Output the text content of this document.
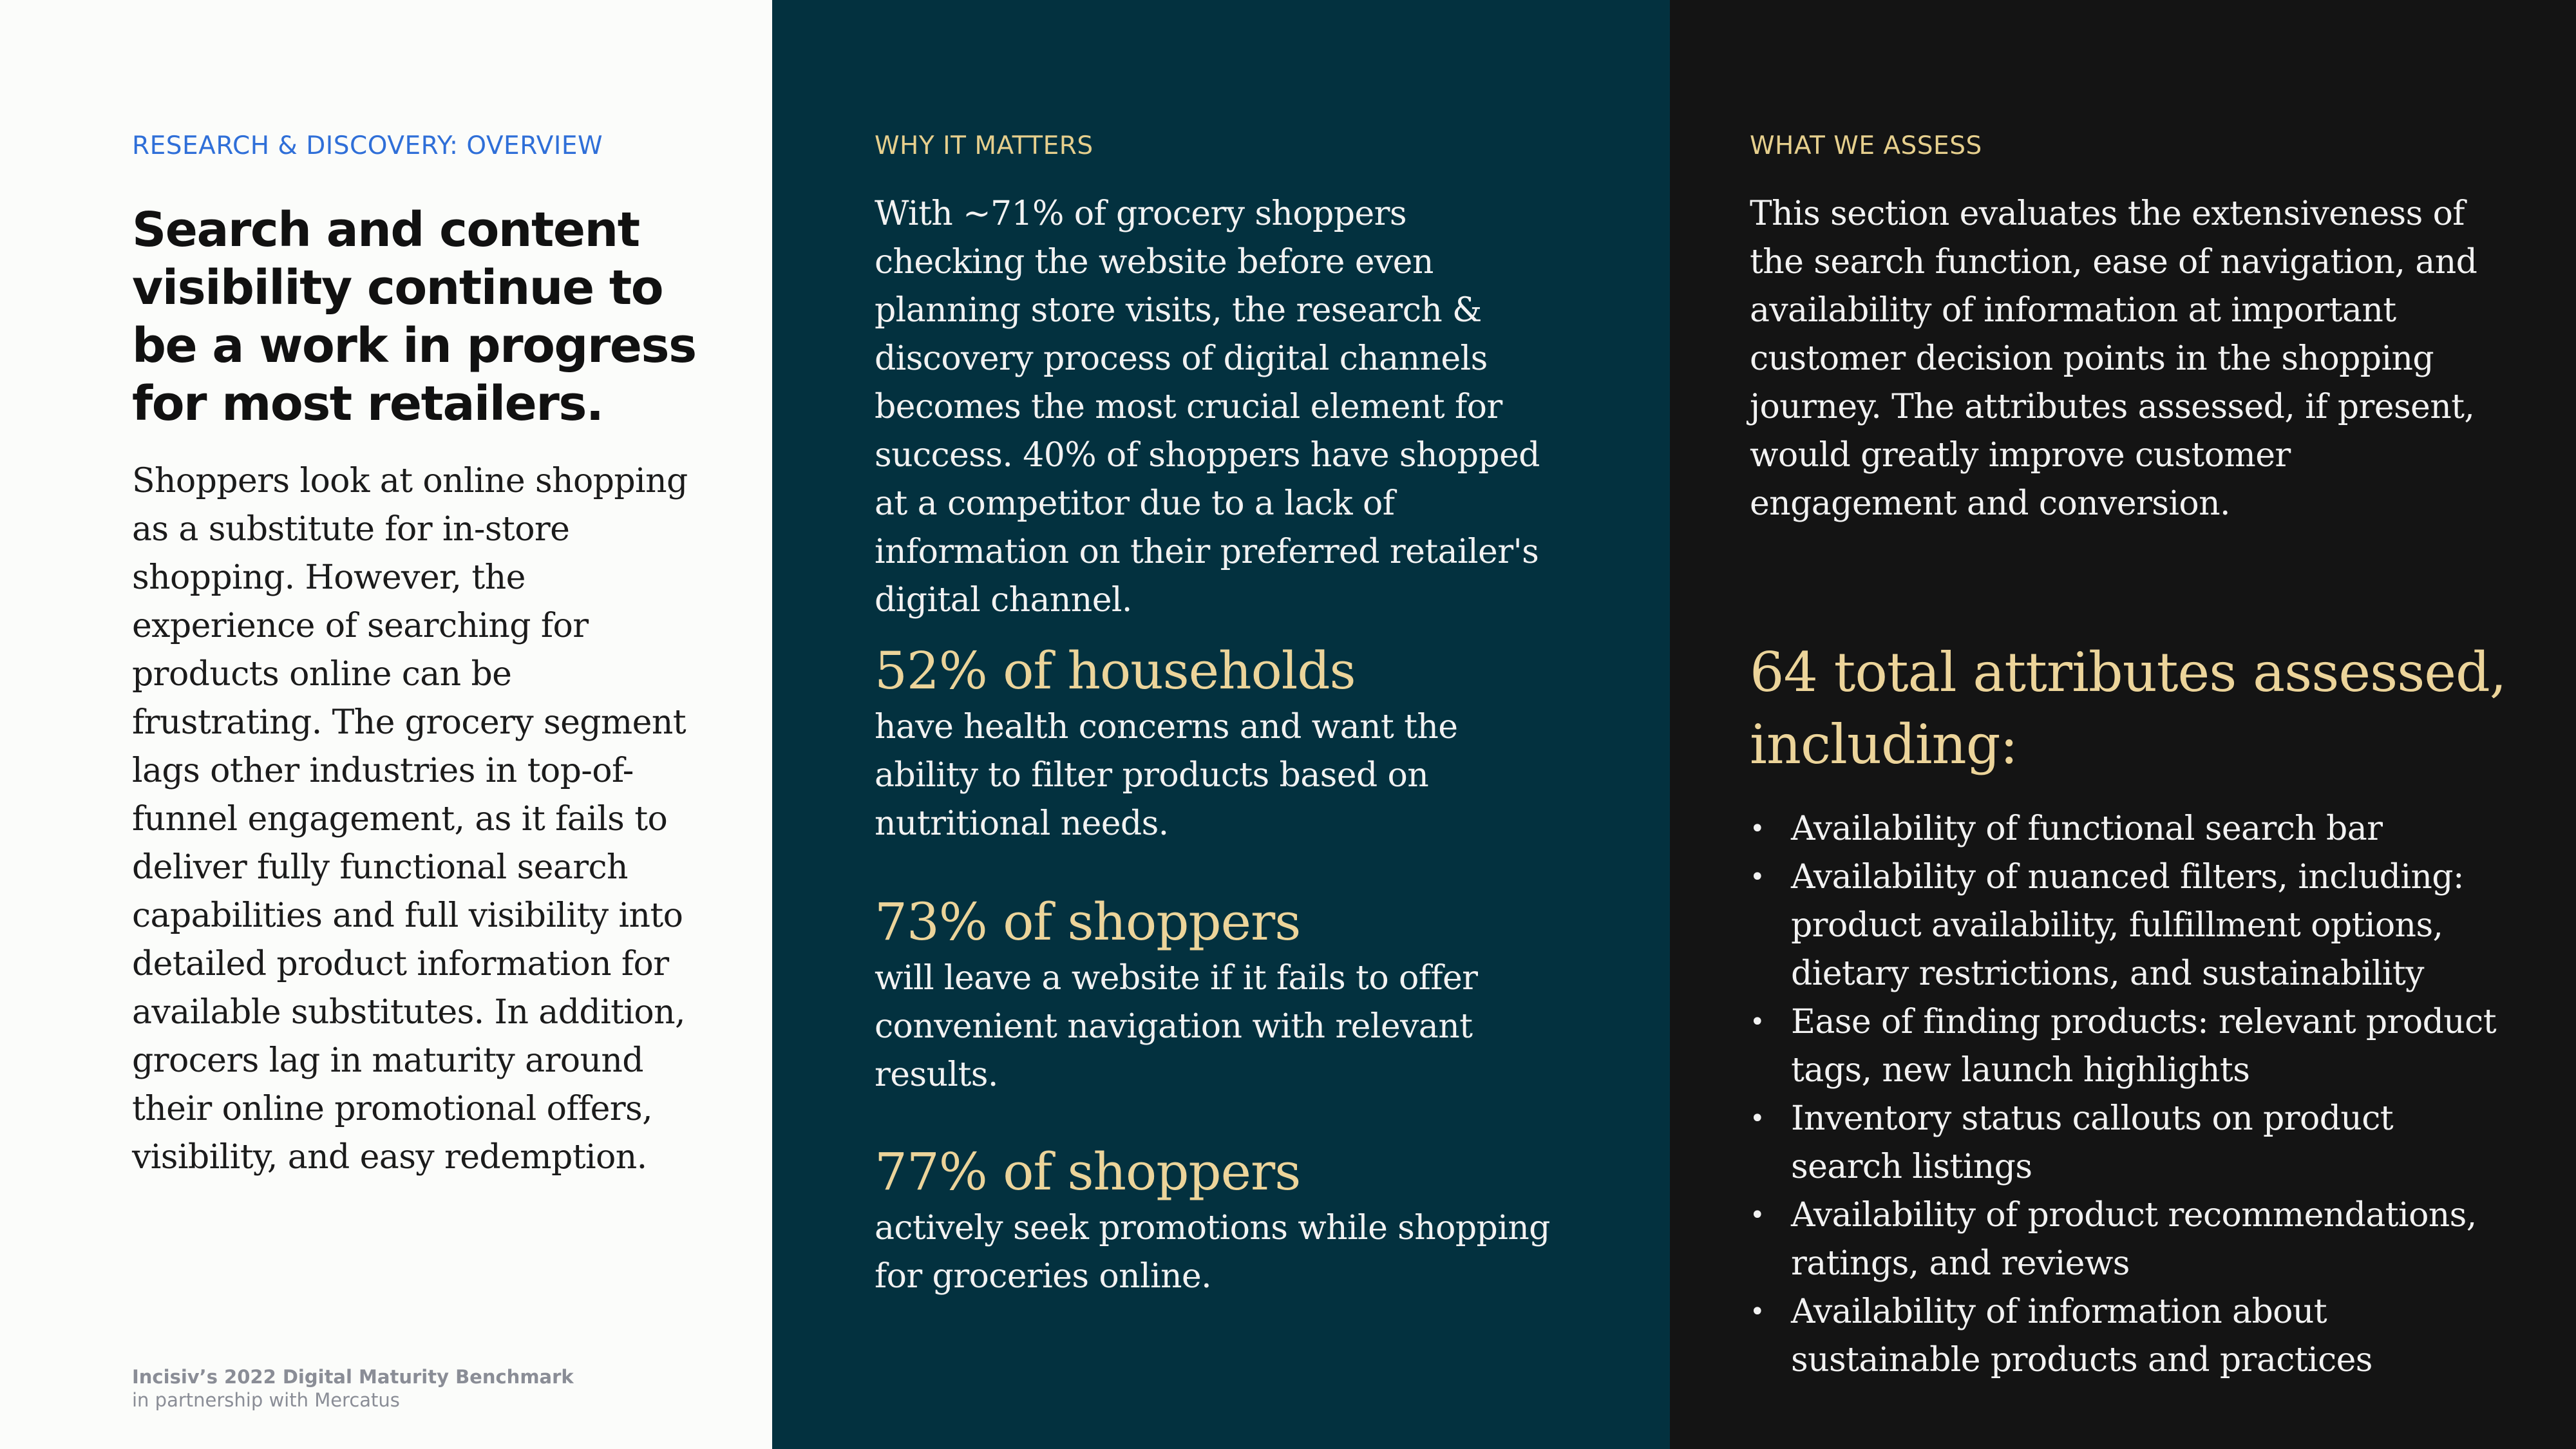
RESEARCH & DISCOVERY: OVERVIEW
Search and content visibility continue to be a work in progress for most retailers.

Shoppers look at online shopping as a substitute for in-store shopping. However, the experience of searching for products online can be frustrating. The grocery segment lags other industries in top-of-funnel engagement, as it fails to deliver fully functional search capabilities and full visibility into detailed product information for available substitutes. In addition, grocers lag in maturity around their online promotional offers, visibility, and easy redemption.

Incisiv’s 2022 Digital Maturity Benchmark
in partnership with Mercatus
WHY IT MATTERS

With ~71% of grocery shoppers checking the website before even planning store visits, the research & discovery process of digital channels becomes the most crucial element for success. 40% of shoppers have shopped at a competitor due to a lack of information on their preferred retailer's digital channel.

52% of households
have health concerns and want the ability to filter products based on nutritional needs.
73% of shoppers
will leave a website if it fails to offer convenient navigation with relevant results.
77% of shoppers
actively seek promotions while shopping for groceries online.
WHAT WE ASSESS

This section evaluates the extensiveness of the search function, ease of navigation, and availability of information at important customer decision points in the shopping journey. The attributes assessed, if present, would greatly improve customer engagement and conversion.

64 total attributes assessed, including:
• Availability of functional search bar
• Availability of nuanced filters, including: product availability, fulfillment options, dietary restrictions, and sustainability
• Ease of finding products: relevant product tags, new launch highlights
• Inventory status callouts on product search listings
• Availability of product recommendations, ratings, and reviews
• Availability of information about sustainable products and practices
